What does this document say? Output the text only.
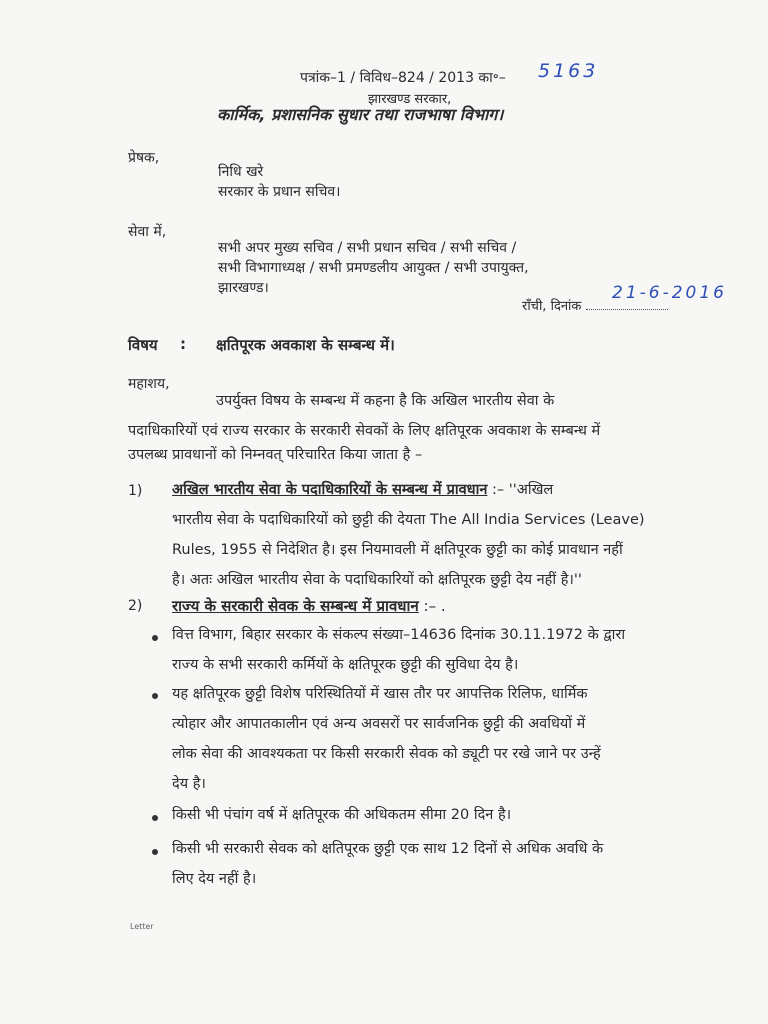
पत्रांक–1 / विविध–824 / 2013 का॰– 5163
झारखण्ड सरकार,
कार्मिक, प्रशासनिक सुधार तथा राजभाषा विभाग।
प्रेषक,
निधि खरे
सरकार के प्रधान सचिव।
सेवा में,
सभी अपर मुख्य सचिव / सभी प्रधान सचिव / सभी सचिव /
सभी विभागाध्यक्ष / सभी प्रमण्डलीय आयुक्त / सभी उपायुक्त,
झारखण्ड।
राँची, दिनांक
21-6-2016
विषय : क्षतिपूरक अवकाश के सम्बन्ध में।
महाशय,
उपर्युक्त विषय के सम्बन्ध में कहना है कि अखिल भारतीय सेवा के
पदाधिकारियों एवं राज्य सरकार के सरकारी सेवकों के लिए क्षतिपूरक अवकाश के सम्बन्ध में
उपलब्ध प्रावधानों को निम्नवत् परिचारित किया जाता है –
1) अखिल भारतीय सेवा के पदाधिकारियों के सम्बन्ध में प्रावधान :– ''अखिल
भारतीय सेवा के पदाधिकारियों को छुट्टी की देयता The All India Services (Leave)
Rules, 1955 से निदेशित है। इस नियमावली में क्षतिपूरक छुट्टी का कोई प्रावधान नहीं
है। अतः अखिल भारतीय सेवा के पदाधिकारियों को क्षतिपूरक छुट्टी देय नहीं है।''
2) राज्य के सरकारी सेवक के सम्बन्ध में प्रावधान :– .
वित्त विभाग, बिहार सरकार के संकल्प संख्या–14636 दिनांक 30.11.1972 के द्वारा
राज्य के सभी सरकारी कर्मियों के क्षतिपूरक छुट्टी की सुविधा देय है।
यह क्षतिपूरक छुट्टी विशेष परिस्थितियों में खास तौर पर आपत्तिक रिलिफ, धार्मिक
त्योहार और आपातकालीन एवं अन्य अवसरों पर सार्वजनिक छुट्टी की अवधियों में
लोक सेवा की आवश्यकता पर किसी सरकारी सेवक को ड्यूटी पर रखे जाने पर उन्हें
देय है।
किसी भी पंचांग वर्ष में क्षतिपूरक की अधिकतम सीमा 20 दिन है।
किसी भी सरकारी सेवक को क्षतिपूरक छुट्टी एक साथ 12 दिनों से अधिक अवधि के
लिए देय नहीं है।
Letter
